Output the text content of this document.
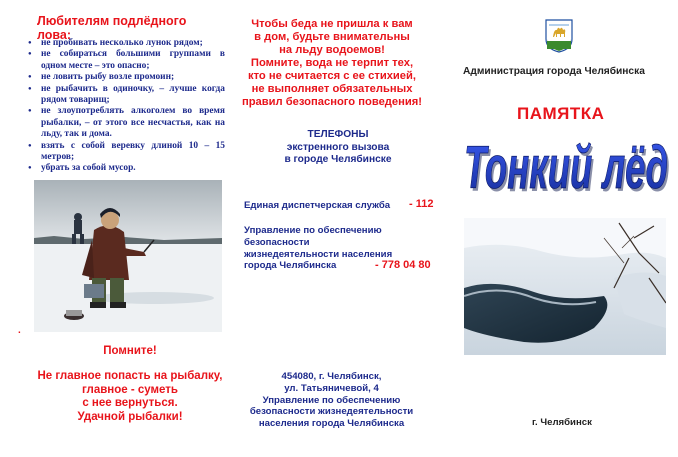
Любителям подлёдного лова:
● не пробивать несколько лунок рядом;
● не собираться большими группами в одном месте – это опасно;
● не ловить рыбу возле промоин;
● не рыбачить в одиночку, – лучше когда рядом товарищ;
● не злоупотреблять алкоголем во время рыбалки, – от этого все несчастья, как на льду, так и дома.
● взять с собой веревку длиной 10 – 15 метров;
● убрать за собой мусор.
.
Помните!
Не главное попасть на рыбалку,
главное - суметь
с нее вернуться.
Удачной рыбалки!
Чтобы беда не пришла к вам
в дом, будьте внимательны
на льду водоемов!
Помните, вода не терпит тех,
кто не считается с ее стихией,
не выполняет обязательных
правил безопасного поведения!
ТЕЛЕФОНЫ
экстренного вызова
в городе Челябинске
Единая диспетчерская служба - 112
Управление по обеспечению
безопасности
жизнедеятельности населения
города Челябинска	- 778 04 80
454080, г. Челябинск,
ул. Татьяничевой, 4
Управление по обеспечению
безопасности жизнедеятельности
населения города Челябинска
Администрация города Челябинска
ПАМЯТКА
Тонкий лёд
Тонкий лёд
г. Челябинск
